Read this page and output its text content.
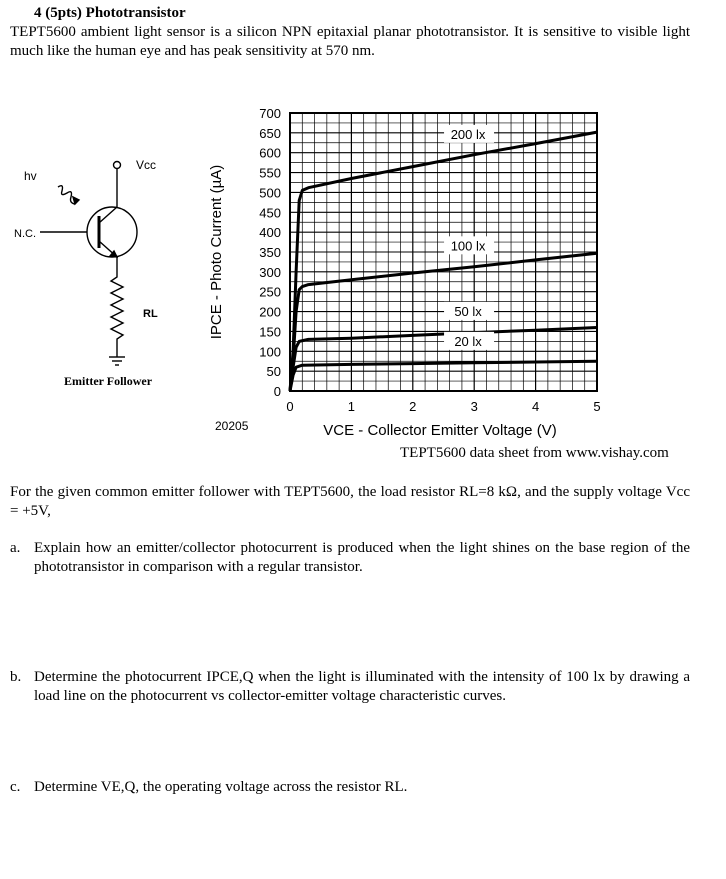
4 (5pts) Phototransistor
TEPT5600 ambient light sensor is a silicon NPN epitaxial planar phototransistor. It is sensitive to visible light much like the human eye and has peak sensitivity at 570 nm.
hv
N.C.
Vcc
RL
Emitter Follower
0
50
100
150
200
250
300
350
400
450
500
550
600
650
700
0	1	2	3	4	5
200 lx
100 lx
50 lx
20 lx
IPCE - Photo Current (µA)
VCE - Collector Emitter Voltage (V)
20205
TEPT5600 data sheet from www.vishay.com
For the given common emitter follower with TEPT5600, the load resistor RL=8 kΩ, and the supply voltage Vcc = +5V,
a. Explain how an emitter/collector photocurrent is produced when the light shines on the base region of the phototransistor in comparison with a regular transistor.
b. Determine the photocurrent IPCE,Q when the light is illuminated with the intensity of 100 lx by drawing a load line on the photocurrent vs collector-emitter voltage characteristic curves.
c. Determine VE,Q, the operating voltage across the resistor RL.
